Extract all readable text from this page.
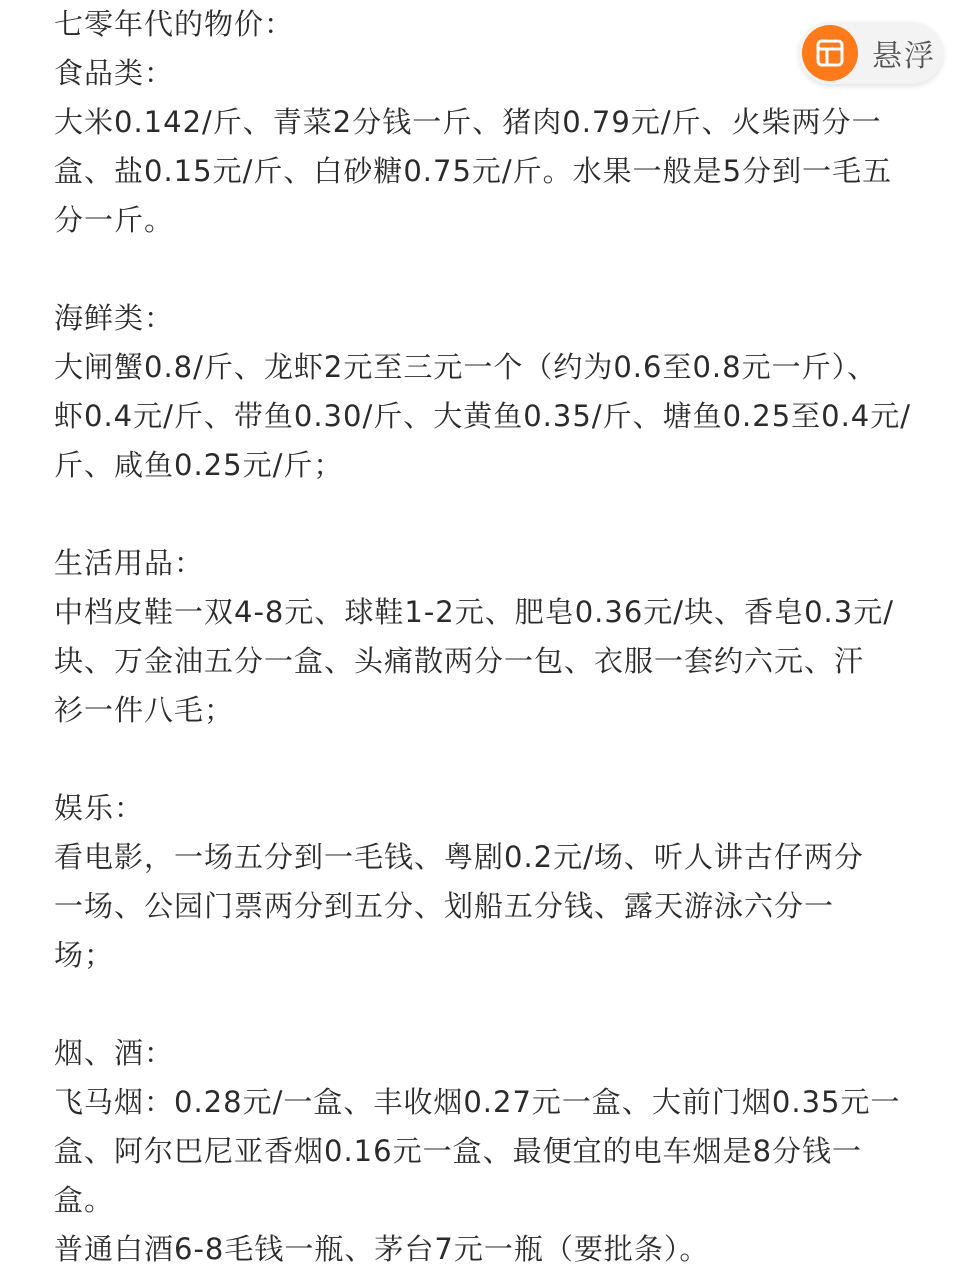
七零年代的物价：
食品类：
大米0.142/斤、青菜2分钱一斤、猪肉0.79元/斤、火柴两分一
盒、盐0.15元/斤、白砂糖0.75元/斤。水果一般是5分到一毛五
分一斤。
海鲜类：
大闸蟹0.8/斤、龙虾2元至三元一个（约为0.6至0.8元一斤）、
虾0.4元/斤、带鱼0.30/斤、大黄鱼0.35/斤、塘鱼0.25至0.4元/
斤、咸鱼0.25元/斤；
生活用品：
中档皮鞋一双4-8元、球鞋1-2元、肥皂0.36元/块、香皂0.3元/
块、万金油五分一盒、头痛散两分一包、衣服一套约六元、汗
衫一件八毛；
娱乐：
看电影，一场五分到一毛钱、粤剧0.2元/场、听人讲古仔两分
一场、公园门票两分到五分、划船五分钱、露天游泳六分一
场；
烟、酒：
飞马烟：0.28元/一盒、丰收烟0.27元一盒、大前门烟0.35元一
盒、阿尔巴尼亚香烟0.16元一盒、最便宜的电车烟是8分钱一
盒。
普通白酒6-8毛钱一瓶、茅台7元一瓶（要批条）。
悬浮
